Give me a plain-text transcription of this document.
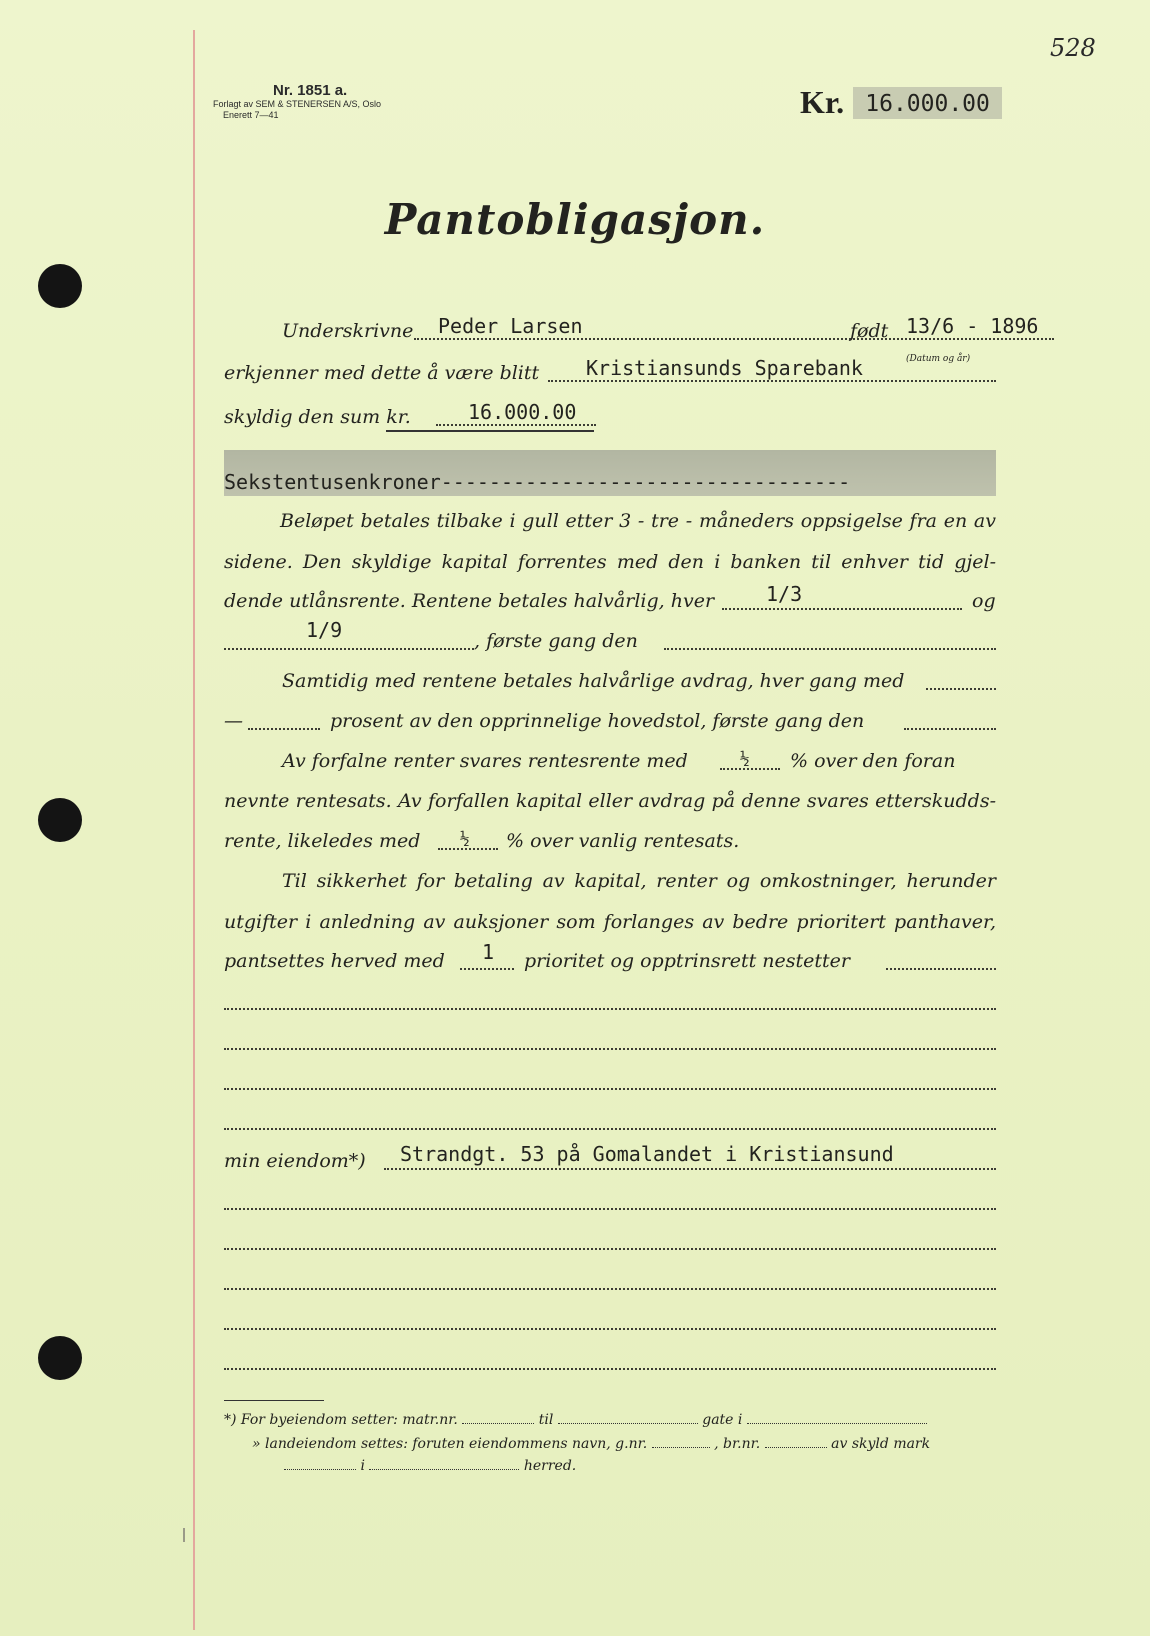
528
Nr. 1851 a.
Forlagt av SEM & STENERSEN A/S, Oslo
Enerett 7—41	Kr. 16.000.00
Pantobligasjon.
Underskrivne Peder Larsen	født 13/6 - 1896
erkjenner med dette å være blitt Kristiansunds Sparebank	(Datum og år)
skyldig den sum kr.	16.000.00
Sekstentusenkroner----------------------------------
Beløpet betales tilbake i gull etter 3 - tre - måneders oppsigelse fra en av
sidene. Den skyldige kapital forrentes med den i banken til enhver tid gjel-
dende utlånsrente. Rentene betales halvårlig, hver	1/3	og
1/9	, første gang den
Samtidig med rentene betales halvårlige avdrag, hver gang med
—	prosent av den opprinnelige hovedstol, første gang den
Av forfalne renter svares rentesrente med	½ % over den foran
nevnte rentesats. Av forfallen kapital eller avdrag på denne svares etterskudds-
rente, likeledes med ½ % over vanlig rentesats.
Til sikkerhet for betaling av kapital, renter og omkostninger, herunder
utgifter i anledning av auksjoner som forlanges av bedre prioritert panthaver,
pantsettes herved med 1 prioritet og opptrinsrett nestetter
min eiendom*) Strandgt. 53 på Gomalandet i Kristiansund
*) For byeiendom setter: matr.nr.	til	gate i
» landeiendom settes: foruten eiendommens navn, g.nr.	, br.nr.	av skyld mark
i	herred.
